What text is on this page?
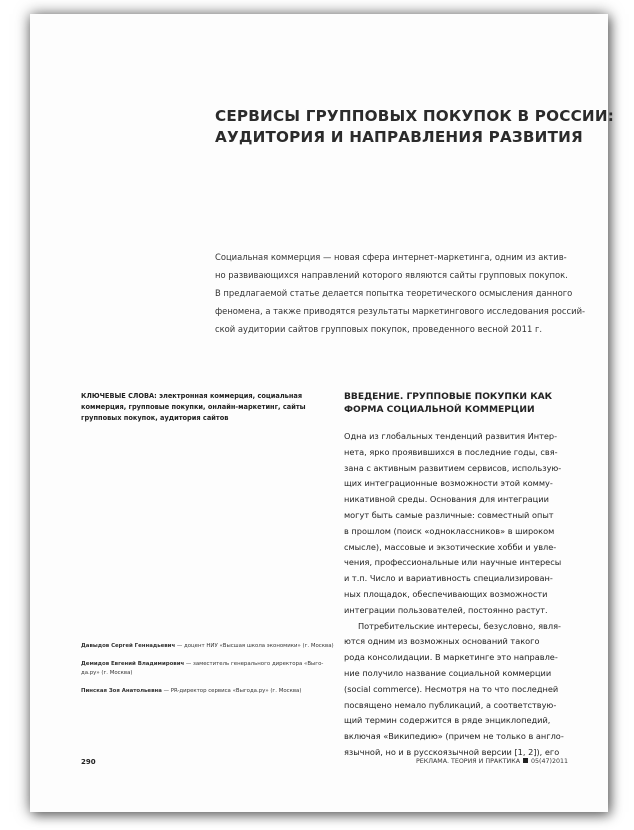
СЕРВИСЫ ГРУППОВЫХ ПОКУПОК В РОССИИ:
АУДИТОРИЯ И НАПРАВЛЕНИЯ РАЗВИТИЯ
Социальная коммерция — новая сфера интернет-маркетинга, одним из актив-
но развивающихся направлений которого являются сайты групповых покупок.
В предлагаемой статье делается попытка теоретического осмысления данного
феномена, а также приводятся результаты маркетингового исследования россий-
ской аудитории сайтов групповых покупок, проведенного весной 2011 г.
КЛЮЧЕВЫЕ СЛОВА: электронная коммерция, социальная
коммерция, групповые покупки, онлайн-маркетинг, сайты
групповых покупок, аудитория сайтов
Давыдов Сергей Геннадьевич — доцент НИУ «Высшая школа экономики» (г. Москва)
Демидов Евгений Владимирович — заместитель генерального директора «Выго-
да.ру» (г. Москва)
Пинская Зоя Анатольевна — PR-директор сервиса «Выгода.ру» (г. Москва)
ВВЕДЕНИЕ. ГРУППОВЫЕ ПОКУПКИ КАК
ФОРМА СОЦИАЛЬНОЙ КОММЕРЦИИ
Одна из глобальных тенденций развития Интер-
нета, ярко проявившихся в последние годы, свя-
зана с активным развитием сервисов, использую-
щих интеграционные возможности этой комму-
никативной среды. Основания для интеграции
могут быть самые различные: совместный опыт
в прошлом (поиск «одноклассников» в широком
смысле), массовые и экзотические хобби и увле-
чения, профессиональные или научные интересы
и т.п. Число и вариативность специализирован-
ных площадок, обеспечивающих возможности
интеграции пользователей, постоянно растут.
Потребительские интересы, безусловно, явля-
ются одним из возможных оснований такого
рода консолидации. В маркетинге это направле-
ние получило название социальной коммерции
(social commerce). Несмотря на то что последней
посвящено немало публикаций, а соответствую-
щий термин содержится в ряде энциклопедий,
включая «Википедию» (причем не только в англо-
язычной, но и в русскоязычной версии [1, 2]), его
290	РЕКЛАМА. ТЕОРИЯ И ПРАКТИКА 05(47)2011
